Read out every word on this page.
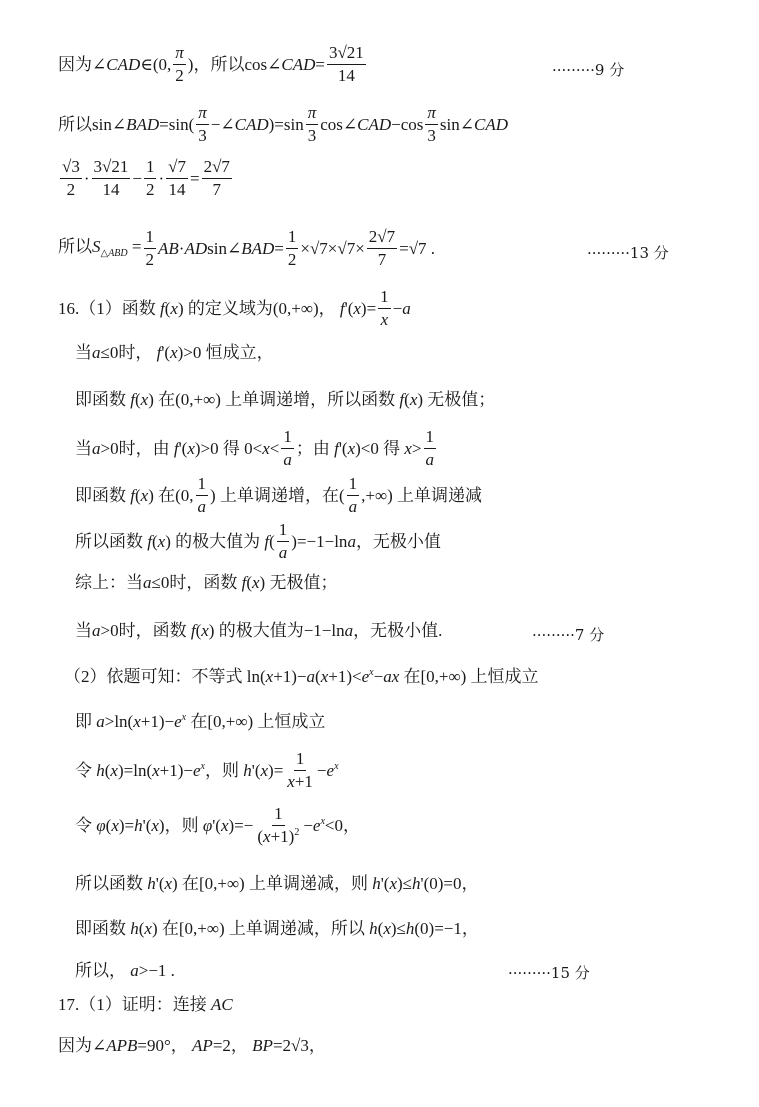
因为∠CAD∈(0, $\frac{\pi}{2}$ )，所以cos∠CAD= $\frac{3√21}{14}$	·········9 分
所以sin∠BAD=sin( $\frac{\pi}{3}$ −∠CAD)=sin $\frac{\pi}{3}$ cos∠CAD−cos $\frac{\pi}{3}$ sin∠CAD
$\frac{√3}{2} \cdot \frac{3√21}{14} - \frac{1}{2} \cdot \frac{√7}{14} = \frac{2√7}{7}$
所以$S_{\triangle ABD} = \frac{1}{2}$ AB · AD sin∠ BAD = $\frac{1}{2} \times√7\times√7\times \frac{2√7}{7} =√7$ .	·········13 分
16.（1）函数 f(x) 的定义域为(0,+∞)， $f'(x)= \frac{1}{x} -a$
当a≤0时， f'(x)>0 恒成立，
即函数 f(x) 在(0,+∞) 上单调递增，所以函数 f(x) 无极值；
当a>0时，由 f'(x)>0 得 $0<x< \frac{1}{a}$ ；由 f'(x)<0 得 $x> \frac{1}{a}$
即函数 f(x) 在(0, $\frac{1}{a}$ ) 上单调递增，在( $\frac{1}{a}$ ,+∞) 上单调递减
所以函数 f(x) 的极大值为 $f( \frac{1}{a} )=-1-\ln a$，无极小值
综上：当a≤0时，函数 f(x) 无极值；
当a>0时，函数 f(x) 的极大值为−1−lna，无极小值.	·········7 分
（2）依题可知：不等式 $\ln(x+1)-a(x+1)<e^x-ax$ 在[0,+∞) 上恒成立
即 $a>\ln(x+1)-e^x$ 在[0,+∞) 上恒成立
令 $h(x)=\ln(x+1)-e^x$，则 $h'(x)= \frac{1}{x+1} -e^x$
令 φ(x)=h'(x)，则 $\varphi'(x)=- \frac{1}{(x+1)^2} -e^x<0$，
所以函数 h'(x) 在[0,+∞) 上单调递减，则 h'(x)≤h'(0)=0，
即函数 h(x) 在[0,+∞) 上单调递减，所以 h(x)≤h(0)=−1，
所以， a>−1 .	·········15 分
17.（1）证明：连接 AC
因为∠APB=90°， AP=2， BP=2√3，
